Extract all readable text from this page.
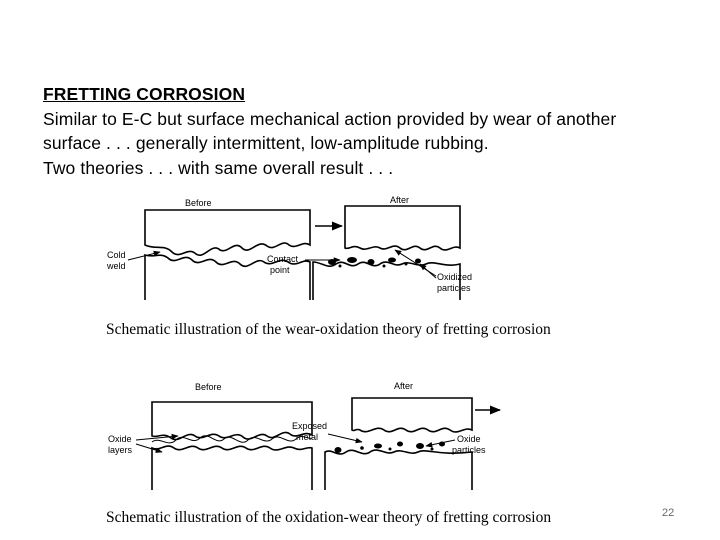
FRETTING CORROSION
Similar to E-C but surface mechanical action provided by wear of another
surface . . . generally intermittent, low-amplitude rubbing.
Two theories . . . with same overall result . . .
Before	After
Cold
weld
Contact
point
Oxidized
particles
Schematic illustration of the wear-oxidation theory of fretting corrosion
Before	After
Oxide
layers
Exposed
metal	Oxide
particles
Schematic illustration of the oxidation-wear theory of fretting corrosion	22
